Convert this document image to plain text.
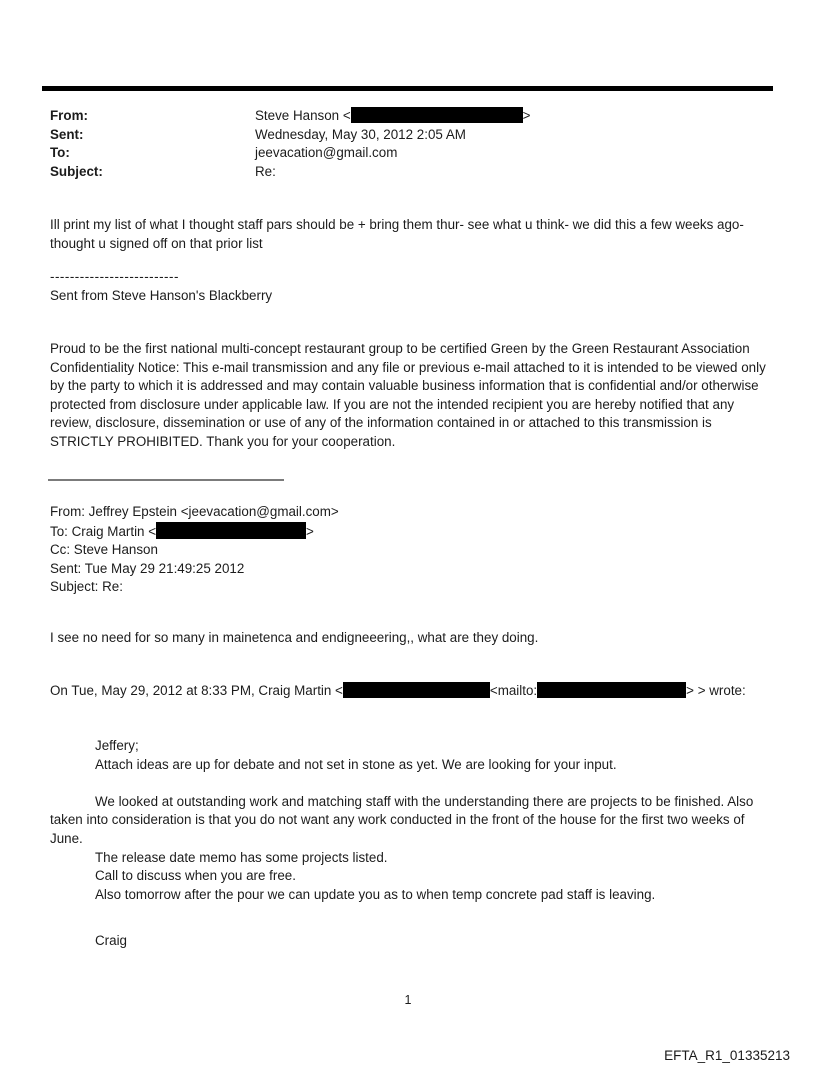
From:	Steve Hanson <	>
Sent:	Wednesday, May 30, 2012 2:05 AM
To:	jeevacation@gmail.com
Subject:	Re:
Ill print my list of what I thought staff pars should be + bring them thur- see what u think- we did this a few weeks ago-thought u signed off on that prior list
--------------------------
Sent from Steve Hanson's Blackberry
Proud to be the first national multi-concept restaurant group to be certified Green by the Green Restaurant Association Confidentiality Notice: This e-mail transmission and any file or previous e-mail attached to it is intended to be viewed only by the party to which it is addressed and may contain valuable business information that is confidential and/or otherwise protected from disclosure under applicable law. If you are not the intended recipient you are hereby notified that any review, disclosure, dissemination or use of any of the information contained in or attached to this transmission is STRICTLY PROHIBITED. Thank you for your cooperation.
From: Jeffrey Epstein <jeevacation@gmail.com>
To: Craig Martin <	>
Cc: Steve Hanson
Sent: Tue May 29 21:49:25 2012
Subject: Re:
I see no need for so many in mainetenca and endigneeering,, what are they doing.
On Tue, May 29, 2012 at 8:33 PM, Craig Martin <	<mailto:	> > wrote:
Jeffery;
Attach ideas are up for debate and not set in stone as yet. We are looking for your input.

We looked at outstanding work and matching staff with the understanding there are projects to be finished. Also taken into consideration is that you do not want any work conducted in the front of the house for the first two weeks of June.

The release date memo has some projects listed.
Call to discuss when you are free.
Also tomorrow after the pour we can update you as to when temp concrete pad staff is leaving.
Craig
1
EFTA_R1_01335213
